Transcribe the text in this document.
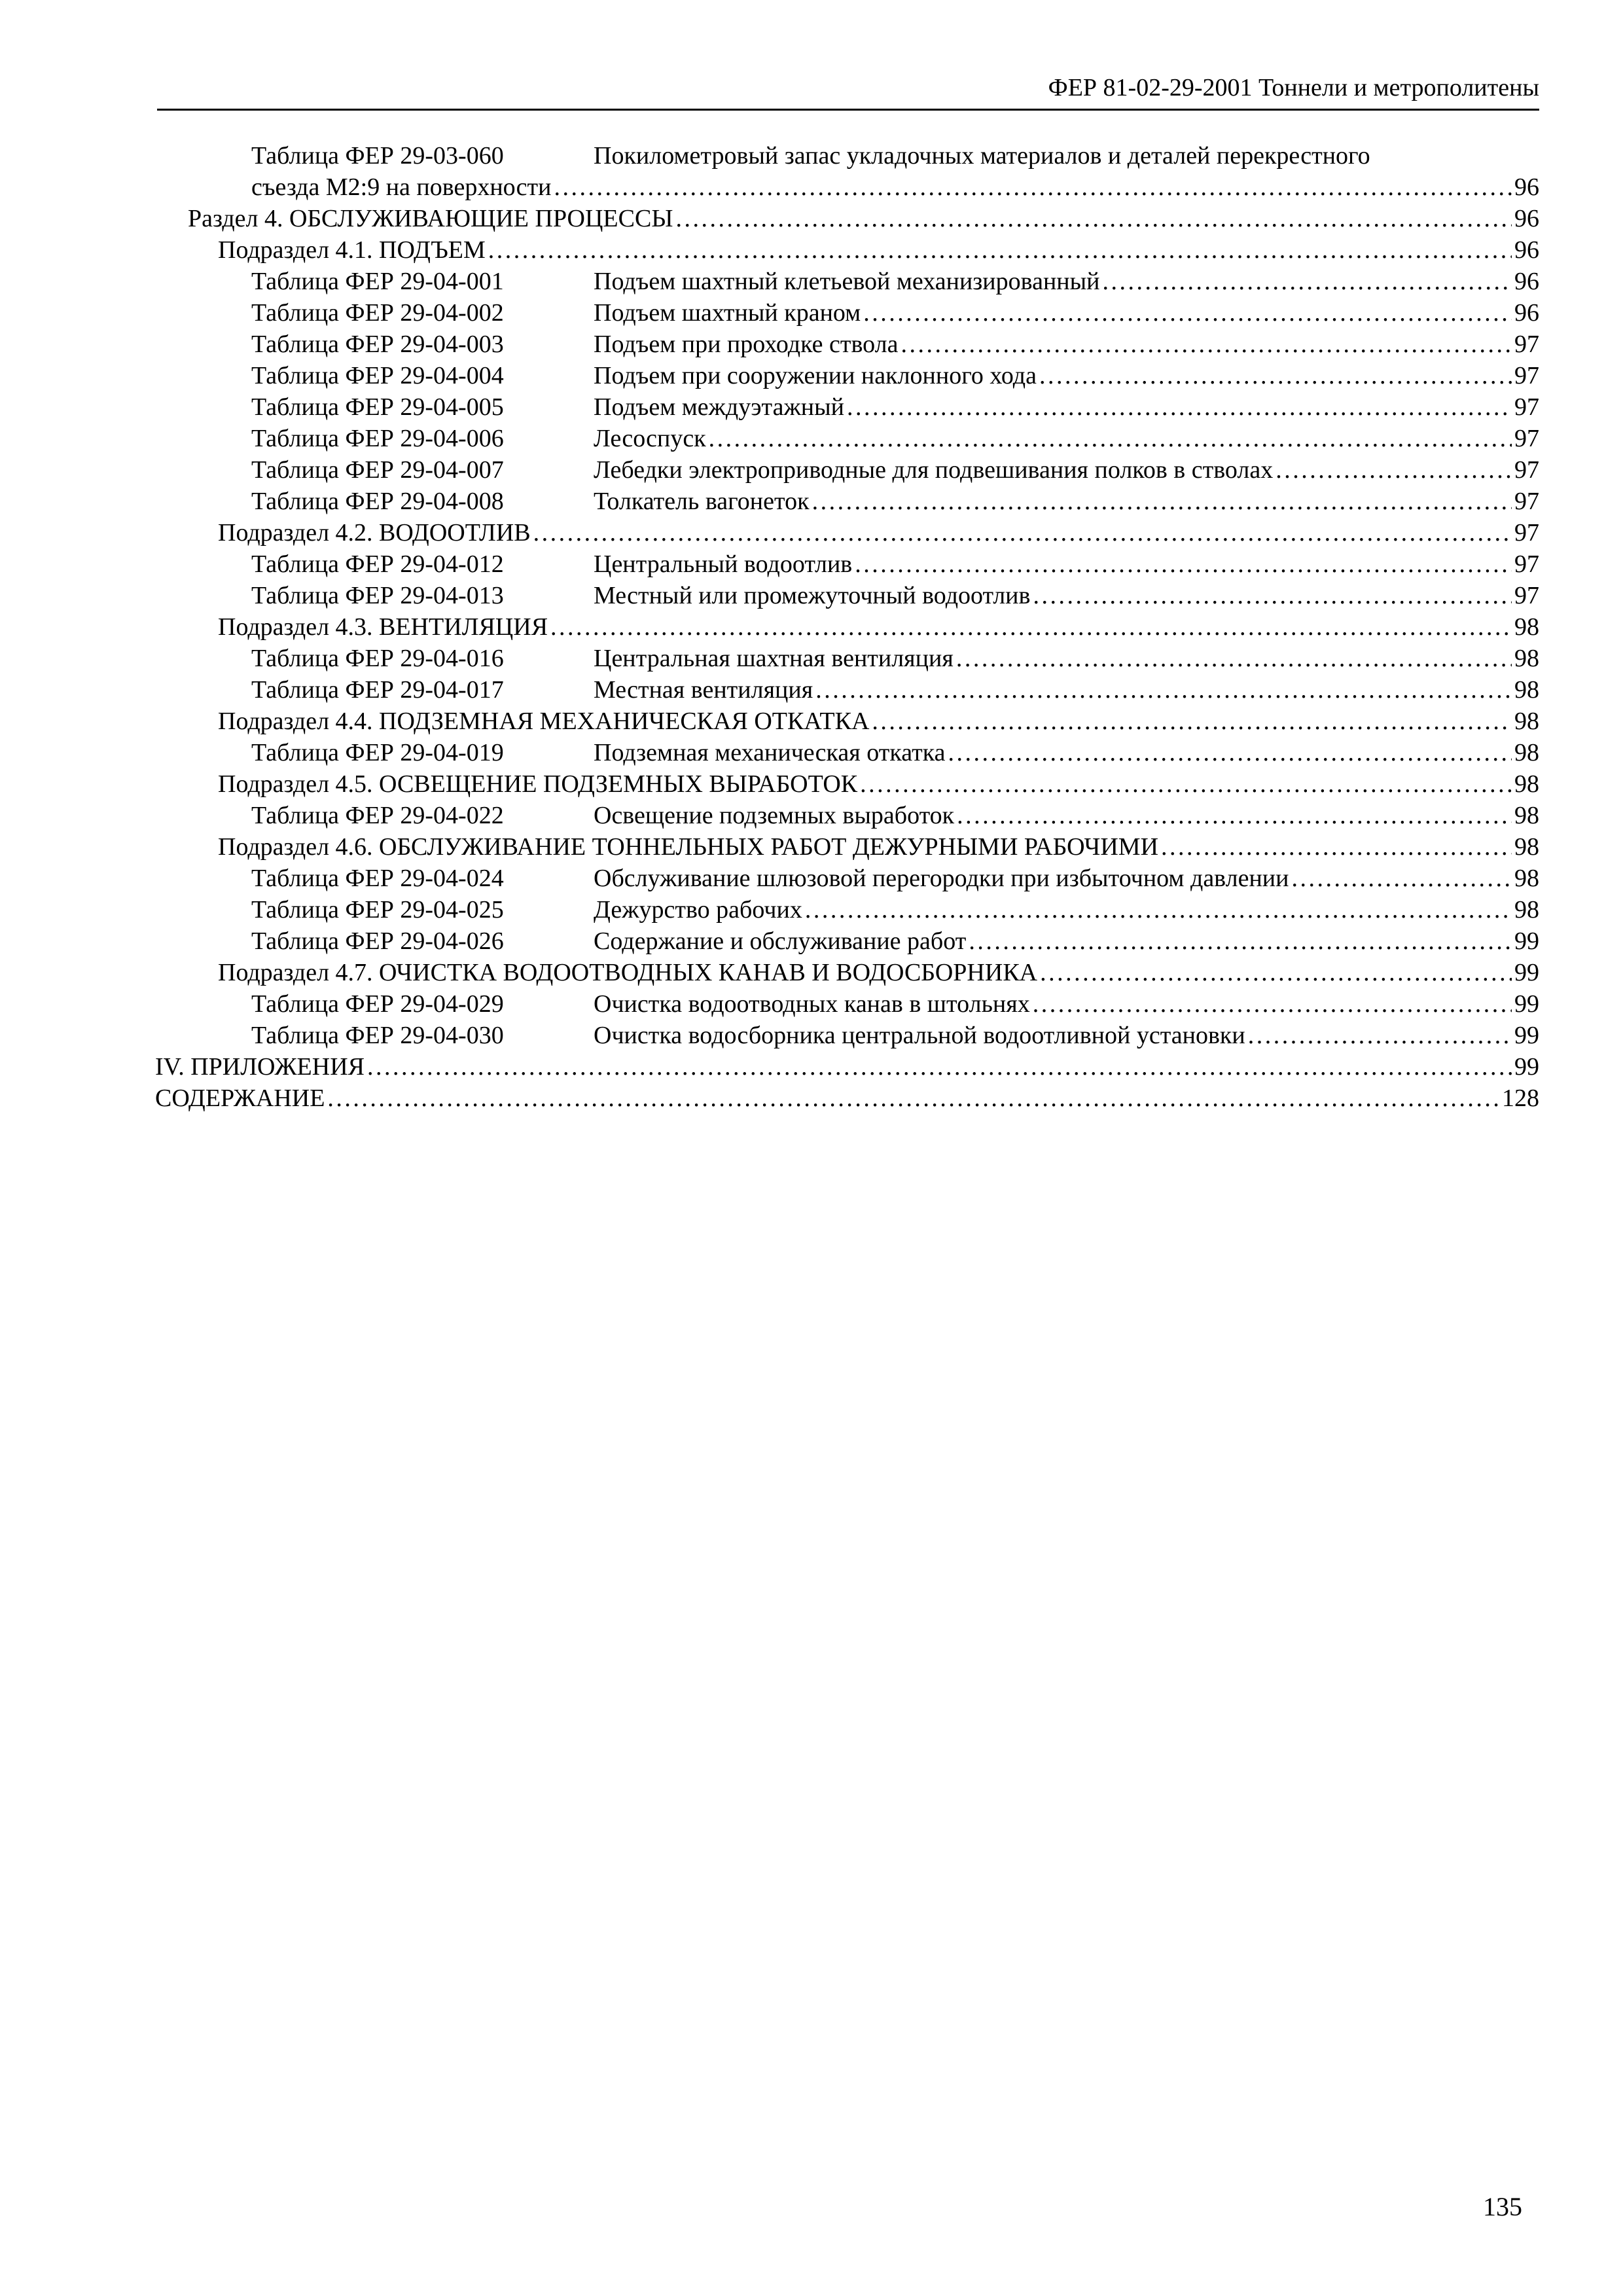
ФЕР 81-02-29-2001 Тоннели и метрополитены
Таблица ФЕР 29-03-060	Покилометровый запас укладочных материалов и деталей перекрестного
съезда М2:9 на поверхности . . .	96
Раздел 4. ОБСЛУЖИВАЮЩИЕ ПРОЦЕССЫ . . .	96
Подраздел 4.1. ПОДЪЕМ . . .	96
Таблица ФЕР 29-04-001	Подъем шахтный клетьевой механизированный . . .	96
Таблица ФЕР 29-04-002	Подъем шахтный краном . . .	96
Таблица ФЕР 29-04-003	Подъем при проходке ствола . . .	97
Таблица ФЕР 29-04-004	Подъем при сооружении наклонного хода . . .	97
Таблица ФЕР 29-04-005	Подъем междуэтажный . . .	97
Таблица ФЕР 29-04-006	Лесоспуск . . .	97
Таблица ФЕР 29-04-007	Лебедки электроприводные для подвешивания полков в стволах . . .	97
Таблица ФЕР 29-04-008	Толкатель вагонеток . . .	97
Подраздел 4.2. ВОДООТЛИВ . . .	97
Таблица ФЕР 29-04-012	Центральный водоотлив . . .	97
Таблица ФЕР 29-04-013	Местный или промежуточный водоотлив . . .	97
Подраздел 4.3. ВЕНТИЛЯЦИЯ . . .	98
Таблица ФЕР 29-04-016	Центральная шахтная вентиляция . . .	98
Таблица ФЕР 29-04-017	Местная вентиляция . . .	98
Подраздел 4.4. ПОДЗЕМНАЯ МЕХАНИЧЕСКАЯ ОТКАТКА . . .	98
Таблица ФЕР 29-04-019	Подземная механическая откатка . . .	98
Подраздел 4.5. ОСВЕЩЕНИЕ ПОДЗЕМНЫХ ВЫРАБОТОК . . .	98
Таблица ФЕР 29-04-022	Освещение подземных выработок . . .	98
Подраздел 4.6. ОБСЛУЖИВАНИЕ ТОННЕЛЬНЫХ РАБОТ ДЕЖУРНЫМИ РАБОЧИМИ . . .	98
Таблица ФЕР 29-04-024	Обслуживание шлюзовой перегородки при избыточном давлении . . .	98
Таблица ФЕР 29-04-025	Дежурство рабочих . . .	98
Таблица ФЕР 29-04-026	Содержание и обслуживание работ . . .	99
Подраздел 4.7. ОЧИСТКА ВОДООТВОДНЫХ КАНАВ И ВОДОСБОРНИКА . . .	99
Таблица ФЕР 29-04-029	Очистка водоотводных канав в штольнях . . .	99
Таблица ФЕР 29-04-030	Очистка водосборника центральной водоотливной установки . . .	99
IV. ПРИЛОЖЕНИЯ . . .	99
СОДЕРЖАНИЕ . . .	128
135
